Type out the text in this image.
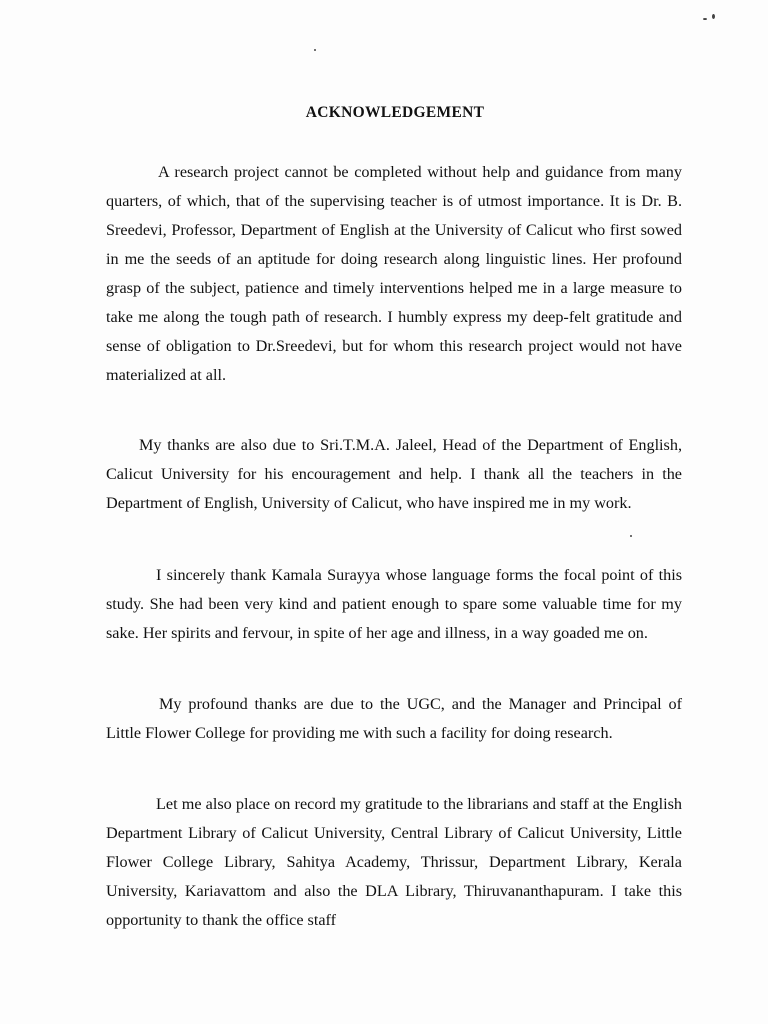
ACKNOWLEDGEMENT

A research project cannot be completed without help and guidance from many quarters, of which, that of the supervising teacher is of utmost importance. It is Dr. B. Sreedevi, Professor, Department of English at the University of Calicut who first sowed in me the seeds of an aptitude for doing research along linguistic lines. Her profound grasp of the subject, patience and timely interventions helped me in a large measure to take me along the tough path of research. I humbly express my deep-felt gratitude and sense of obligation to Dr.Sreedevi, but for whom this research project would not have materialized at all.

My thanks are also due to Sri.T.M.A. Jaleel, Head of the Department of English, Calicut University for his encouragement and help. I thank all the teachers in the Department of English, University of Calicut, who have inspired me in my work.

I sincerely thank Kamala Surayya whose language forms the focal point of this study. She had been very kind and patient enough to spare some valuable time for my sake. Her spirits and fervour, in spite of her age and illness, in a way goaded me on.

My profound thanks are due to the UGC, and the Manager and Principal of Little Flower College for providing me with such a facility for doing research.

Let me also place on record my gratitude to the librarians and staff at the English Department Library of Calicut University, Central Library of Calicut University, Little Flower College Library, Sahitya Academy, Thrissur, Department Library, Kerala University, Kariavattom and also the DLA Library, Thiruvananthapuram. I take this opportunity to thank the office staff
